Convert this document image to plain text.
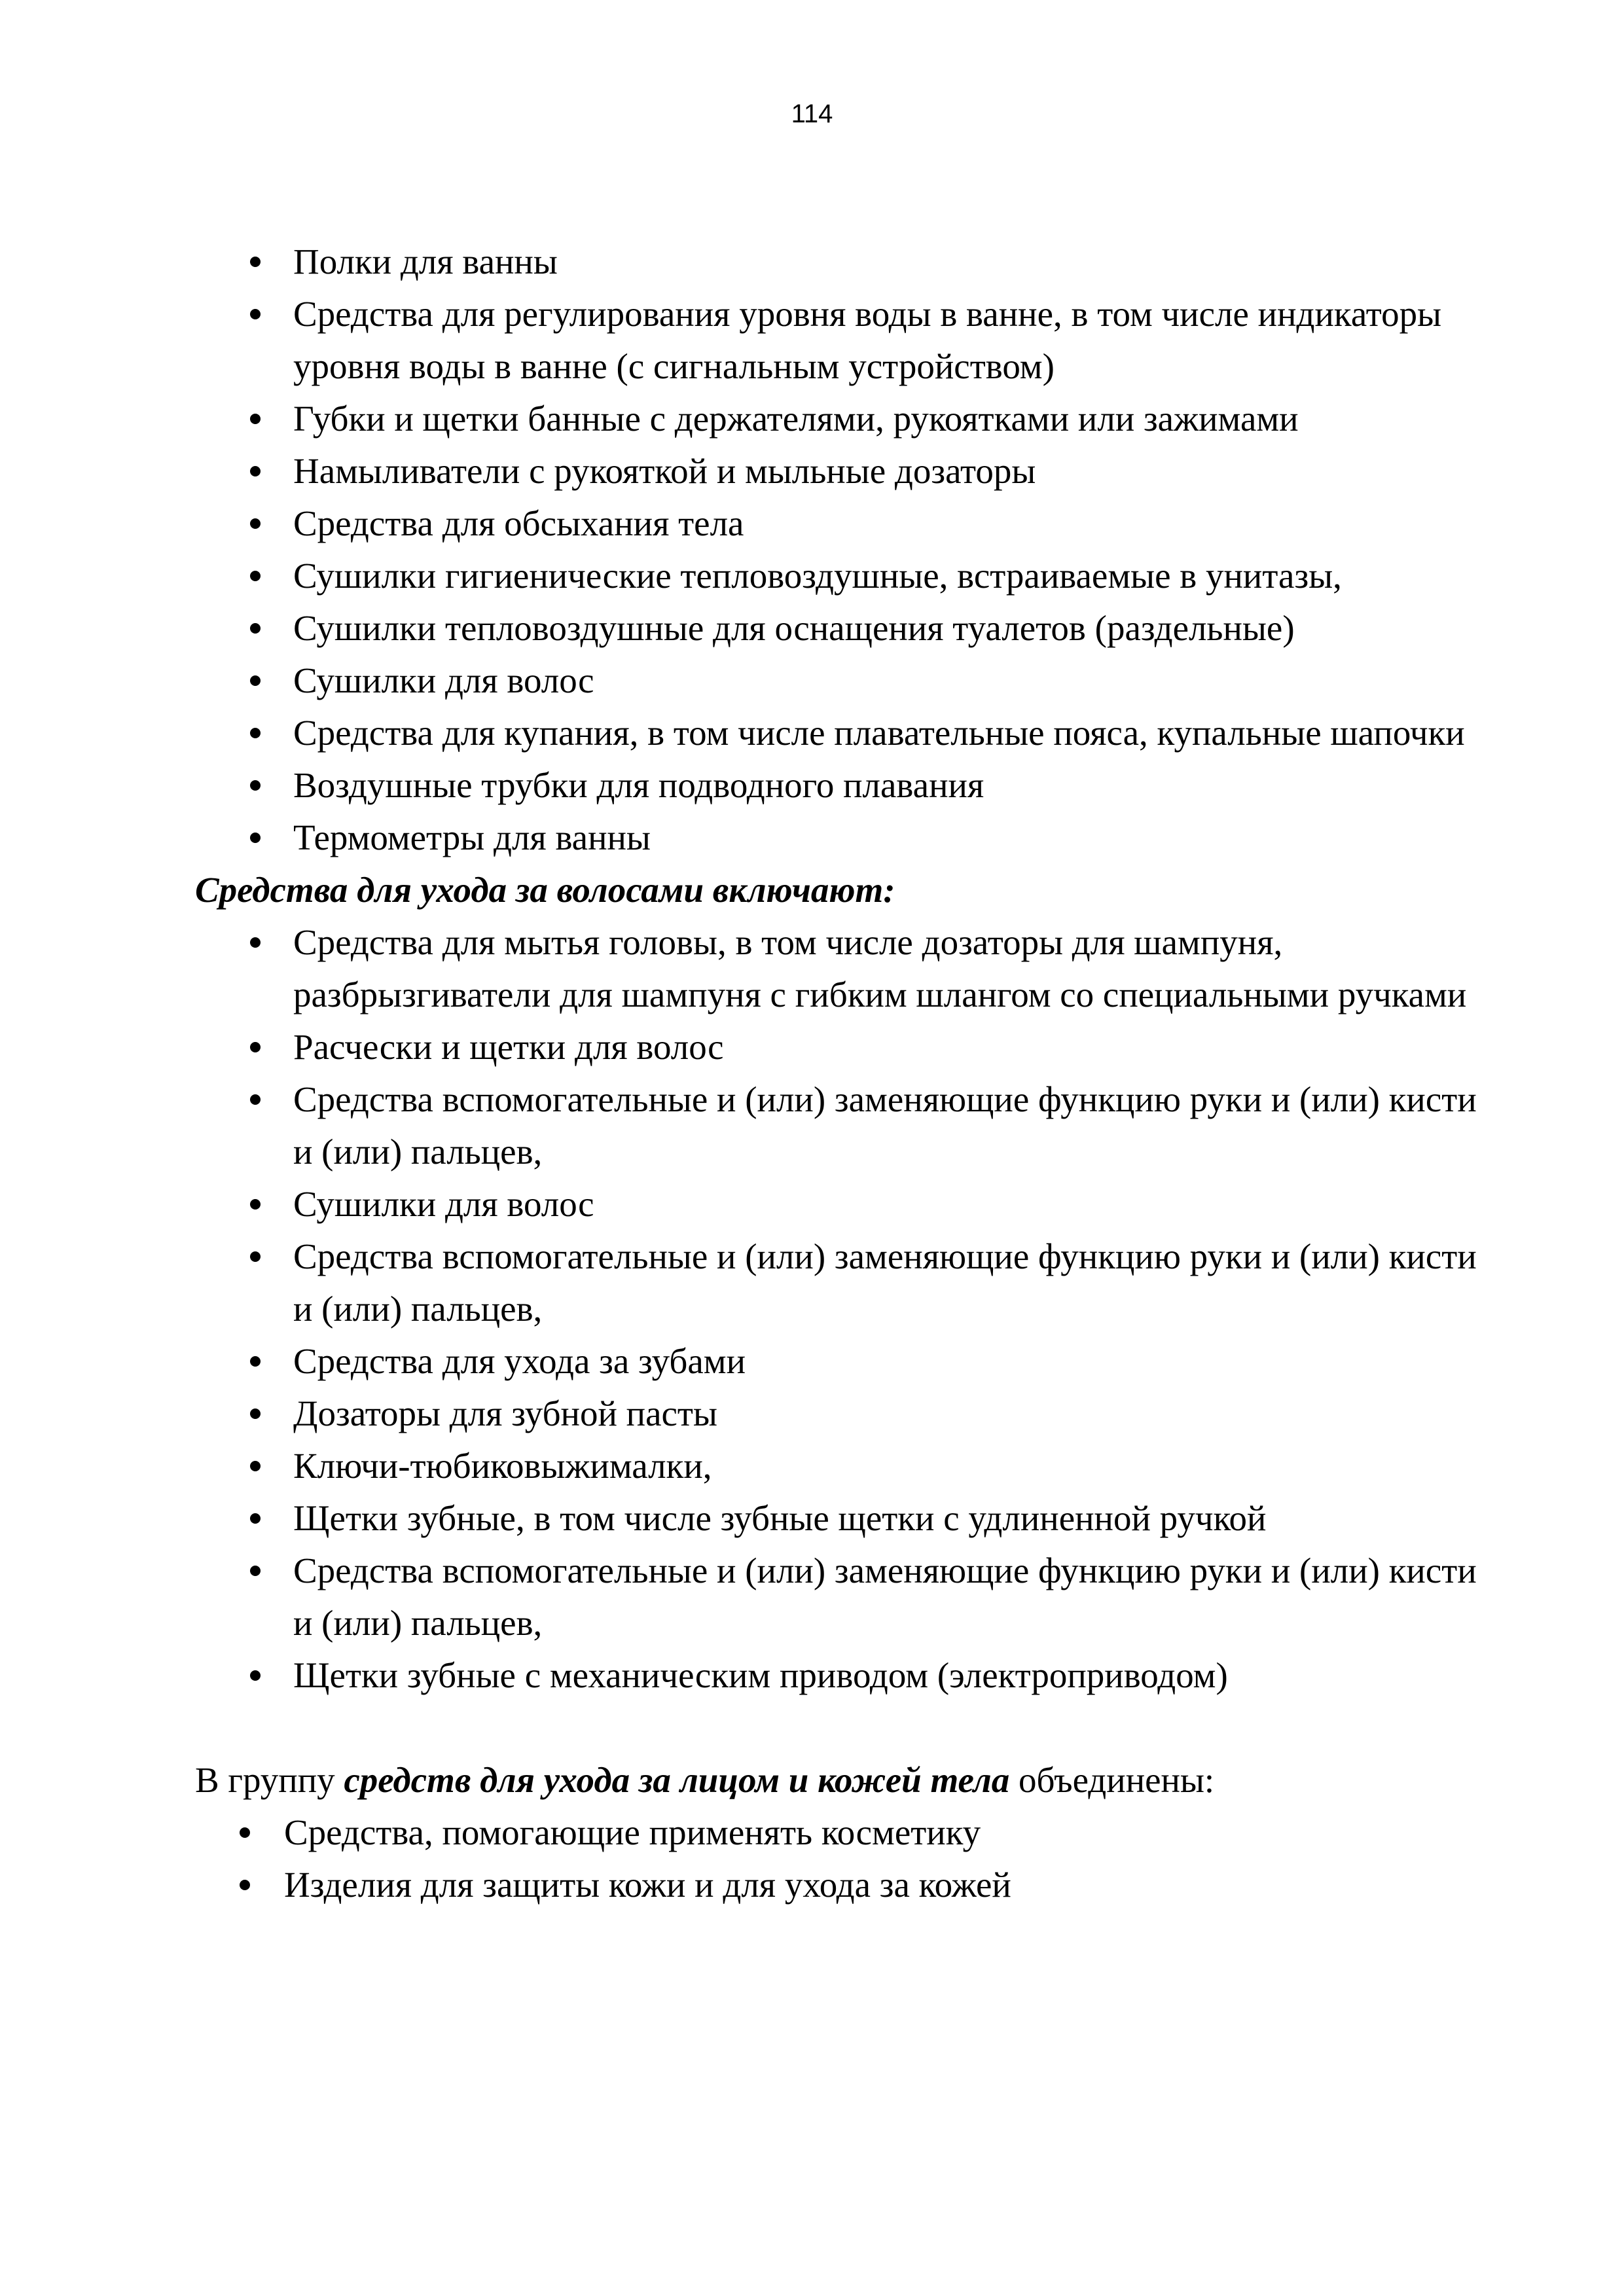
114
Полки для ванны
Средства для регулирования уровня воды в ванне, в том числе индикаторы уровня воды в ванне (с сигнальным устройством)
Губки и щетки банные с держателями, рукоятками или зажимами
Намыливатели с рукояткой и мыльные дозаторы
Средства для обсыхания тела
Сушилки гигиенические тепловоздушные, встраиваемые в унитазы,
Сушилки тепловоздушные для оснащения туалетов (раздельные)
Сушилки для волос
Средства для купания, в том числе плавательные пояса, купальные шапочки
Воздушные трубки для подводного плавания
Термометры для ванны
Средства для ухода за волосами включают:
Средства для мытья головы, в том числе дозаторы для шампуня, разбрызгиватели для шампуня с гибким шлангом со специальными ручками
Расчески и щетки для волос
Средства вспомогательные и (или) заменяющие функцию руки и (или) кисти и (или) пальцев,
Сушилки для волос
Средства вспомогательные и (или) заменяющие функцию руки и (или) кисти и (или) пальцев,
Средства для ухода за зубами
Дозаторы для зубной пасты
Ключи-тюбиковыжималки,
Щетки зубные, в том числе зубные щетки с удлиненной ручкой
Средства вспомогательные и (или) заменяющие функцию руки и (или) кисти и (или) пальцев,
Щетки зубные с механическим приводом (электроприводом)
В группу средств для ухода за лицом и кожей тела объединены:
Средства, помогающие применять косметику
Изделия для защиты кожи и для ухода за кожей
